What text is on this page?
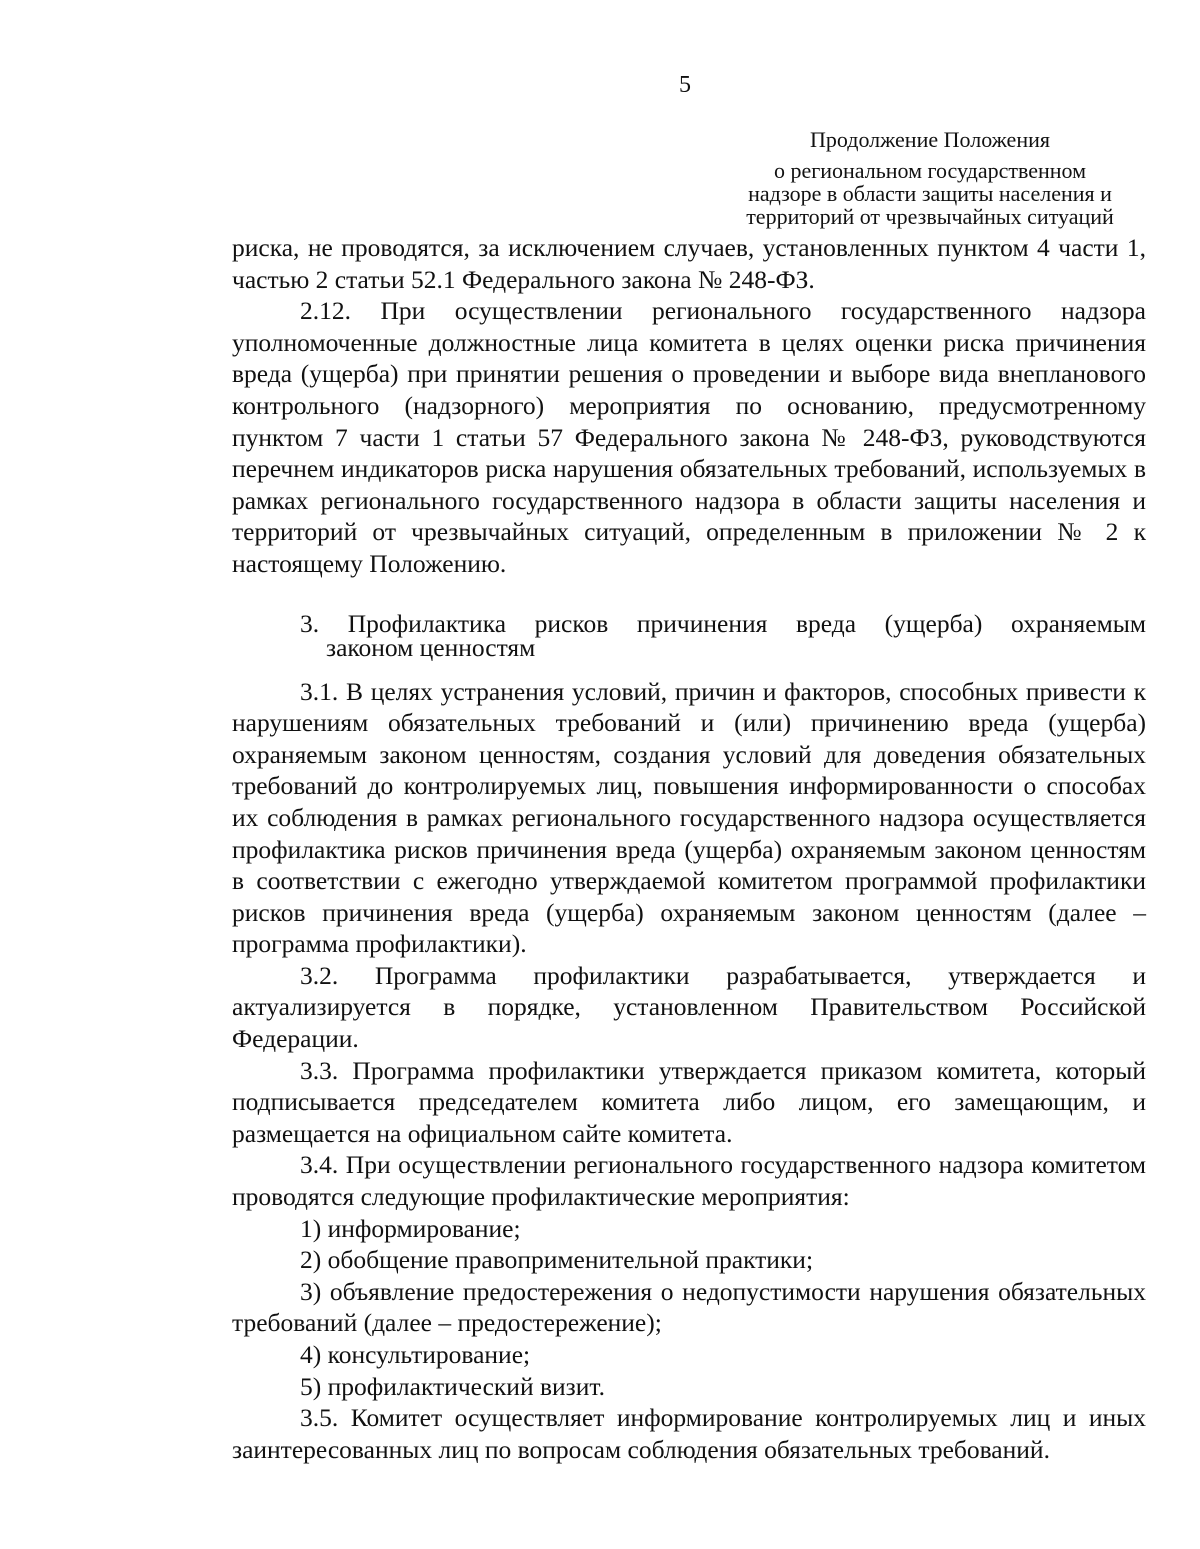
5
Продолжение Положения
о региональном государственном
надзоре в области защиты населения и
территорий от чрезвычайных ситуаций

риска, не проводятся, за исключением случаев, установленных пунктом 4 части 1, частью 2 статьи 52.1 Федерального закона № 248-ФЗ.

2.12. При осуществлении регионального государственного надзора уполномоченные должностные лица комитета в целях оценки риска причинения вреда (ущерба) при принятии решения о проведении и выборе вида внепланового контрольного (надзорного) мероприятия по основанию, предусмотренному пунктом 7 части 1 статьи 57 Федерального закона № 248-ФЗ, руководствуются перечнем индикаторов риска нарушения обязательных требований, используемых в рамках регионального государственного надзора в области защиты населения и территорий от чрезвычайных ситуаций, определенным в приложении № 2 к настоящему Положению.

3. Профилактика рисков причинения вреда (ущерба) охраняемым
законом ценностям

3.1. В целях устранения условий, причин и факторов, способных привести к нарушениям обязательных требований и (или) причинению вреда (ущерба) охраняемым законом ценностям, создания условий для доведения обязательных требований до контролируемых лиц, повышения информированности о способах их соблюдения в рамках регионального государственного надзора осуществляется профилактика рисков причинения вреда (ущерба) охраняемым законом ценностям в соответствии с ежегодно утверждаемой комитетом программой профилактики рисков причинения вреда (ущерба) охраняемым законом ценностям (далее – программа профилактики).

3.2. Программа профилактики разрабатывается, утверждается и актуализируется в порядке, установленном Правительством Российской Федерации.

3.3. Программа профилактики утверждается приказом комитета, который подписывается председателем комитета либо лицом, его замещающим, и размещается на официальном сайте комитета.

3.4. При осуществлении регионального государственного надзора комитетом проводятся следующие профилактические мероприятия:

1) информирование;

2) обобщение правоприменительной практики;

3) объявление предостережения о недопустимости нарушения обязательных требований (далее – предостережение);

4) консультирование;

5) профилактический визит.

3.5. Комитет осуществляет информирование контролируемых лиц и иных заинтересованных лиц по вопросам соблюдения обязательных требований.
